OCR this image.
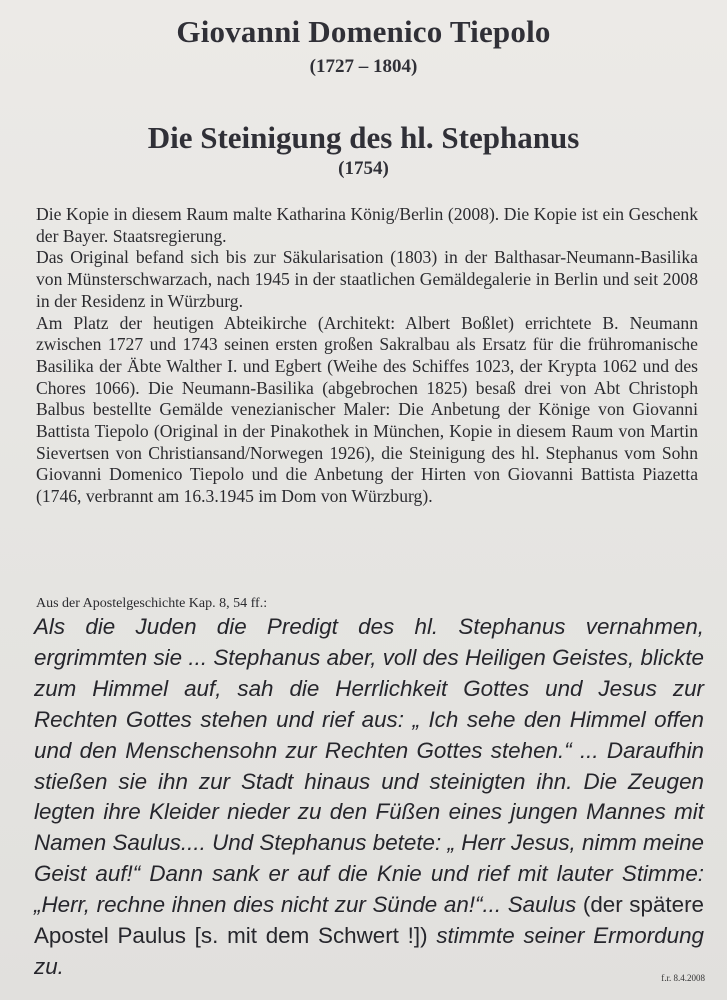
Giovanni Domenico Tiepolo
(1727 – 1804)
Die Steinigung des hl. Stephanus
(1754)

Die Kopie in diesem Raum malte Katharina König/Berlin (2008). Die Kopie ist ein Geschenk der Bayer. Staatsregierung.

Das Original befand sich bis zur Säkularisation (1803) in der Balthasar-Neumann-Basilika von Münsterschwarzach, nach 1945 in der staatlichen Gemäldegalerie in Berlin und seit 2008 in der Residenz in Würzburg.

Am Platz der heutigen Abteikirche (Architekt: Albert Boßlet) errichtete B. Neumann zwischen 1727 und 1743 seinen ersten großen Sakralbau als Ersatz für die frühromanische Basilika der Äbte Walther I. und Egbert (Weihe des Schiffes 1023, der Krypta 1062 und des Chores 1066). Die Neumann-Basilika (abgebrochen 1825) besaß drei von Abt Christoph Balbus bestellte Gemälde venezianischer Maler: Die Anbetung der Könige von Giovanni Battista Tiepolo (Original in der Pinakothek in München, Kopie in diesem Raum von Martin Sievertsen von Christiansand/Norwegen 1926), die Steinigung des hl. Stephanus vom Sohn Giovanni Domenico Tiepolo und die Anbetung der Hirten von Giovanni Battista Piazetta (1746, verbrannt am 16.3.1945 im Dom von Würzburg).

Aus der Apostelgeschichte Kap. 8, 54 ff.:
Als die Juden die Predigt des hl. Stephanus vernahmen, ergrimmten sie ... Stephanus aber, voll des Heiligen Geistes, blickte zum Himmel auf, sah die Herrlichkeit Gottes und Jesus zur Rechten Gottes stehen und rief aus: „ Ich sehe den Himmel offen und den Menschensohn zur Rechten Gottes stehen.“ ... Daraufhin stießen sie ihn zur Stadt hinaus und steinigten ihn. Die Zeugen legten ihre Kleider nieder zu den Füßen eines jungen Mannes mit Namen Saulus.... Und Stephanus betete: „ Herr Jesus, nimm meine Geist auf!“ Dann sank er auf die Knie und rief mit lauter Stimme: „Herr, rechne ihnen dies nicht zur Sünde an!“... Saulus (der spätere Apostel Paulus [s. mit dem Schwert !]) stimmte seiner Ermordung zu.	f.r. 8.4.2008
